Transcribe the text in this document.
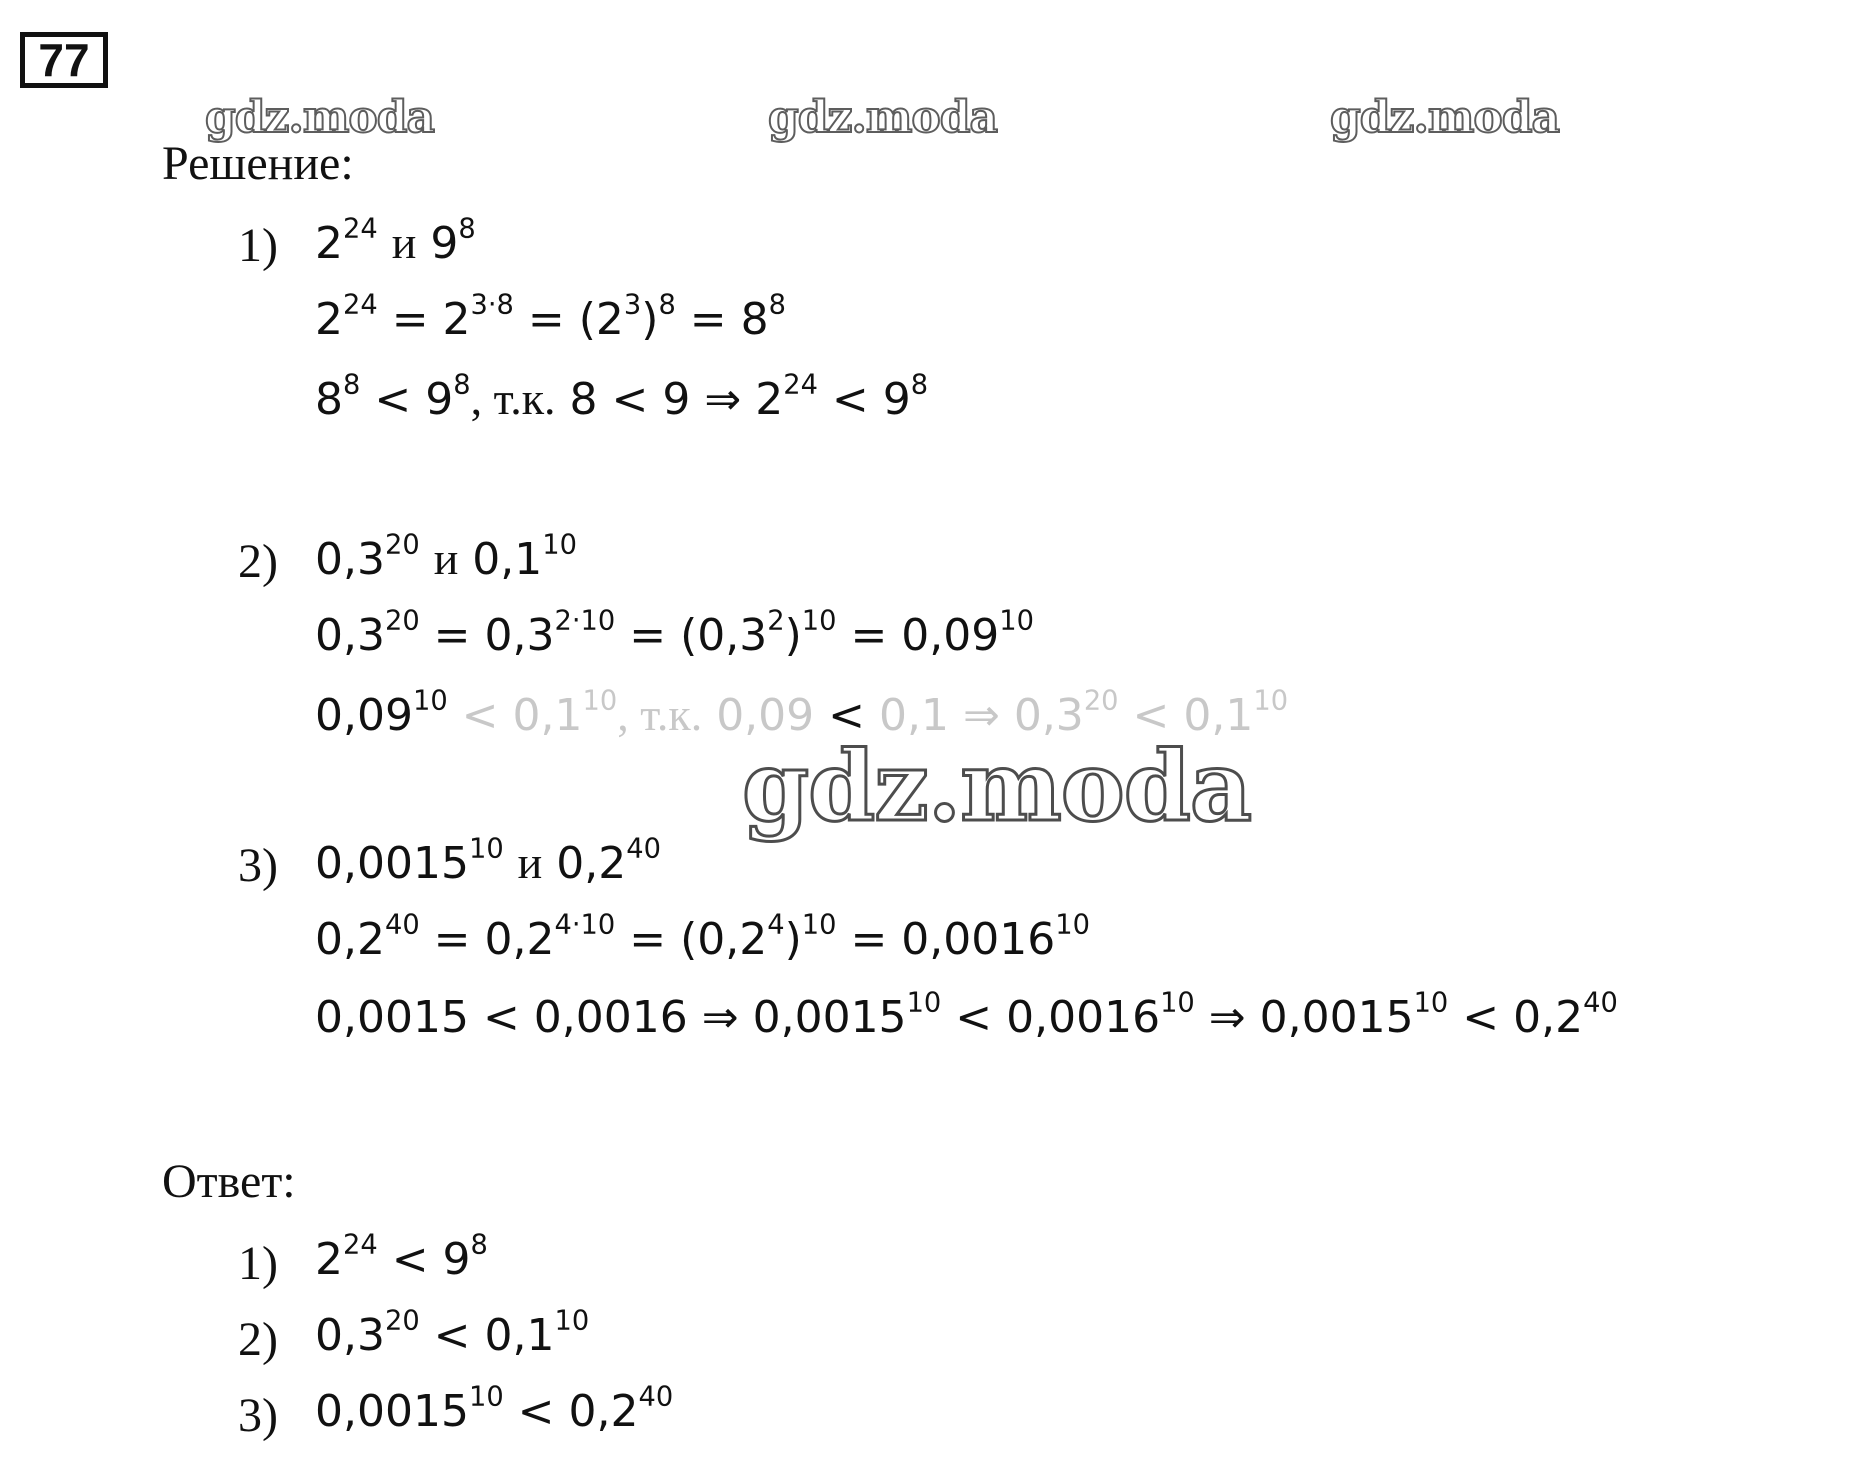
77
gdz.moda	gdz.moda	gdz.moda
Решение:
1) $2^{24}$ и $9^8$
$2^{24} = 2^{3\cdot 8} = (2^3)^8 = 8^8$
$8^8 < 9^8$, т.к. 8 < 9 ⇒ $2^{24} < 9^8$
2) $0,3^{20}$ и $0,1^{10}$
$0,3^{20} = 0,3^{2\cdot 10} = (0,3^2)^{10} = 0,09^{10}$
$0,09^{10} < 0,1^{10}$, т.к. 0,09 < 0,1 ⇒ $0,3^{20} < 0,1^{10}$
gdz.moda
3) 0,0015$^{10}$ и $0,2^{40}$
$0,2^{40} = 0,2^{4\cdot 10} = (0,2^4)^{10} = 0,0016^{10}$
0,0015 < 0,0016 ⇒ $0,0015^{10} < 0,0016^{10}$ ⇒ $0,0015^{10} < 0,2^{40}$
Ответ:
1) $2^{24} < 9^8$
2) $0,3^{20} < 0,1^{10}$
3) $0,0015^{10} < 0,2^{40}$
